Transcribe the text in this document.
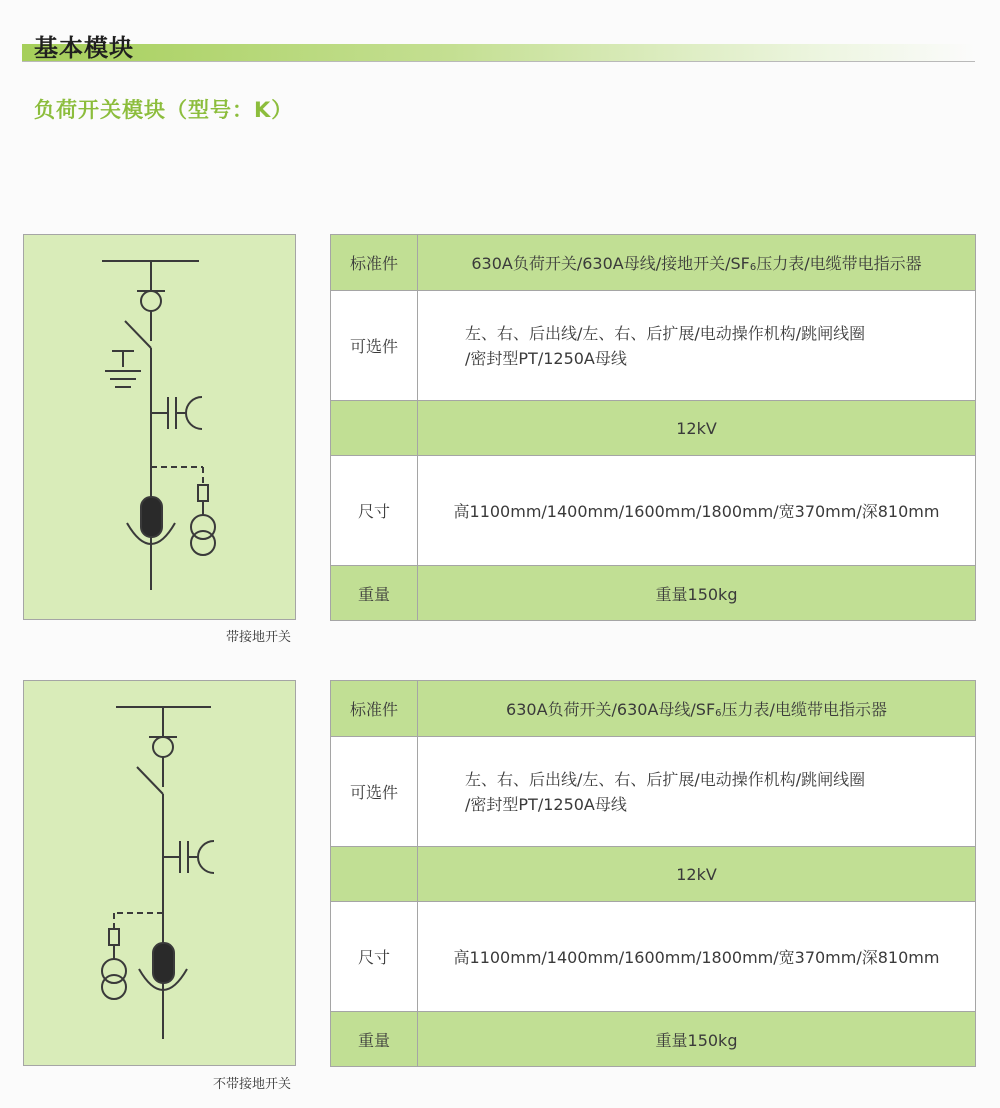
基本模块
负荷开关模块（型号：K）
带接地开关
标准件	630A负荷开关/630A母线/接地开关$/SF_6$压力表/电缆带电指示器
可选件	左、右、后出线/左、右、后扩展/电动操作机构/跳闸线圈
/密封型PT/1250A母线

	12kV
尺寸	高1100mm/1400mm/1600mm/1800mm/宽370mm/深810mm
重量	重量150kg
不带接地开关
标准件	630A负荷开关/630A母线$/SF_6$压力表/电缆带电指示器
可选件	左、右、后出线/左、右、后扩展/电动操作机构/跳闸线圈
/密封型PT/1250A母线

	12kV
尺寸	高1100mm/1400mm/1600mm/1800mm/宽370mm/深810mm
重量	重量150kg
